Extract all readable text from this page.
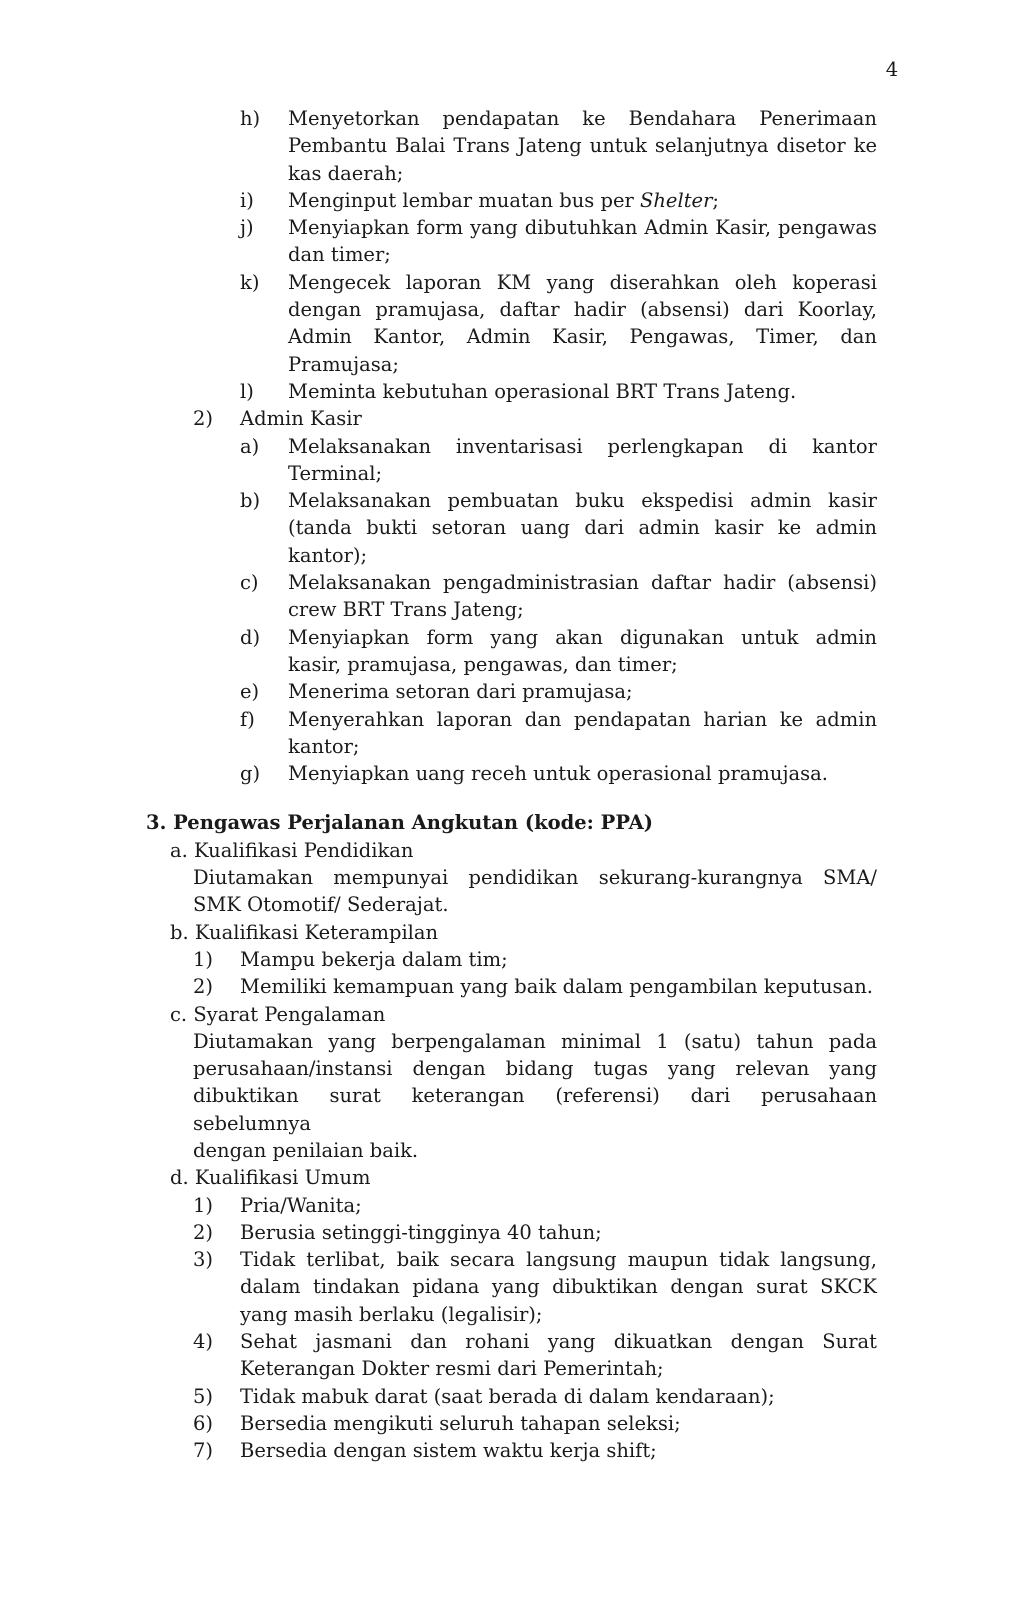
4
h) Menyetorkan pendapatan ke Bendahara Penerimaan
Pembantu Balai Trans Jateng untuk selanjutnya disetor ke
kas daerah;
i) Menginput lembar muatan bus per Shelter;
j) Menyiapkan form yang dibutuhkan Admin Kasir, pengawas
dan timer;
k) Mengecek laporan KM yang diserahkan oleh koperasi
dengan pramujasa, daftar hadir (absensi) dari Koorlay,
Admin Kantor, Admin Kasir, Pengawas, Timer, dan
Pramujasa;
l) Meminta kebutuhan operasional BRT Trans Jateng.
2) Admin Kasir
a) Melaksanakan inventarisasi perlengkapan di kantor
Terminal;
b) Melaksanakan pembuatan buku ekspedisi admin kasir
(tanda bukti setoran uang dari admin kasir ke admin
kantor);
c) Melaksanakan pengadministrasian daftar hadir (absensi)
crew BRT Trans Jateng;
d) Menyiapkan form yang akan digunakan untuk admin
kasir, pramujasa, pengawas, dan timer;
e) Menerima setoran dari pramujasa;
f) Menyerahkan laporan dan pendapatan harian ke admin
kantor;
g) Menyiapkan uang receh untuk operasional pramujasa.
3. Pengawas Perjalanan Angkutan (kode: PPA)
a. Kualifikasi Pendidikan
Diutamakan mempunyai pendidikan sekurang-kurangnya SMA/
SMK Otomotif/ Sederajat.
b. Kualifikasi Keterampilan
1) Mampu bekerja dalam tim;
2) Memiliki kemampuan yang baik dalam pengambilan keputusan.
c. Syarat Pengalaman
Diutamakan yang berpengalaman minimal 1 (satu) tahun pada
perusahaan/instansi dengan bidang tugas yang relevan yang
dibuktikan surat keterangan (referensi) dari perusahaan sebelumnya
dengan penilaian baik.
d. Kualifikasi Umum
1) Pria/Wanita;
2) Berusia setinggi-tingginya 40 tahun;
3) Tidak terlibat, baik secara langsung maupun tidak langsung,
dalam tindakan pidana yang dibuktikan dengan surat SKCK
yang masih berlaku (legalisir);
4) Sehat jasmani dan rohani yang dikuatkan dengan Surat
Keterangan Dokter resmi dari Pemerintah;
5) Tidak mabuk darat (saat berada di dalam kendaraan);
6) Bersedia mengikuti seluruh tahapan seleksi;
7) Bersedia dengan sistem waktu kerja shift;
